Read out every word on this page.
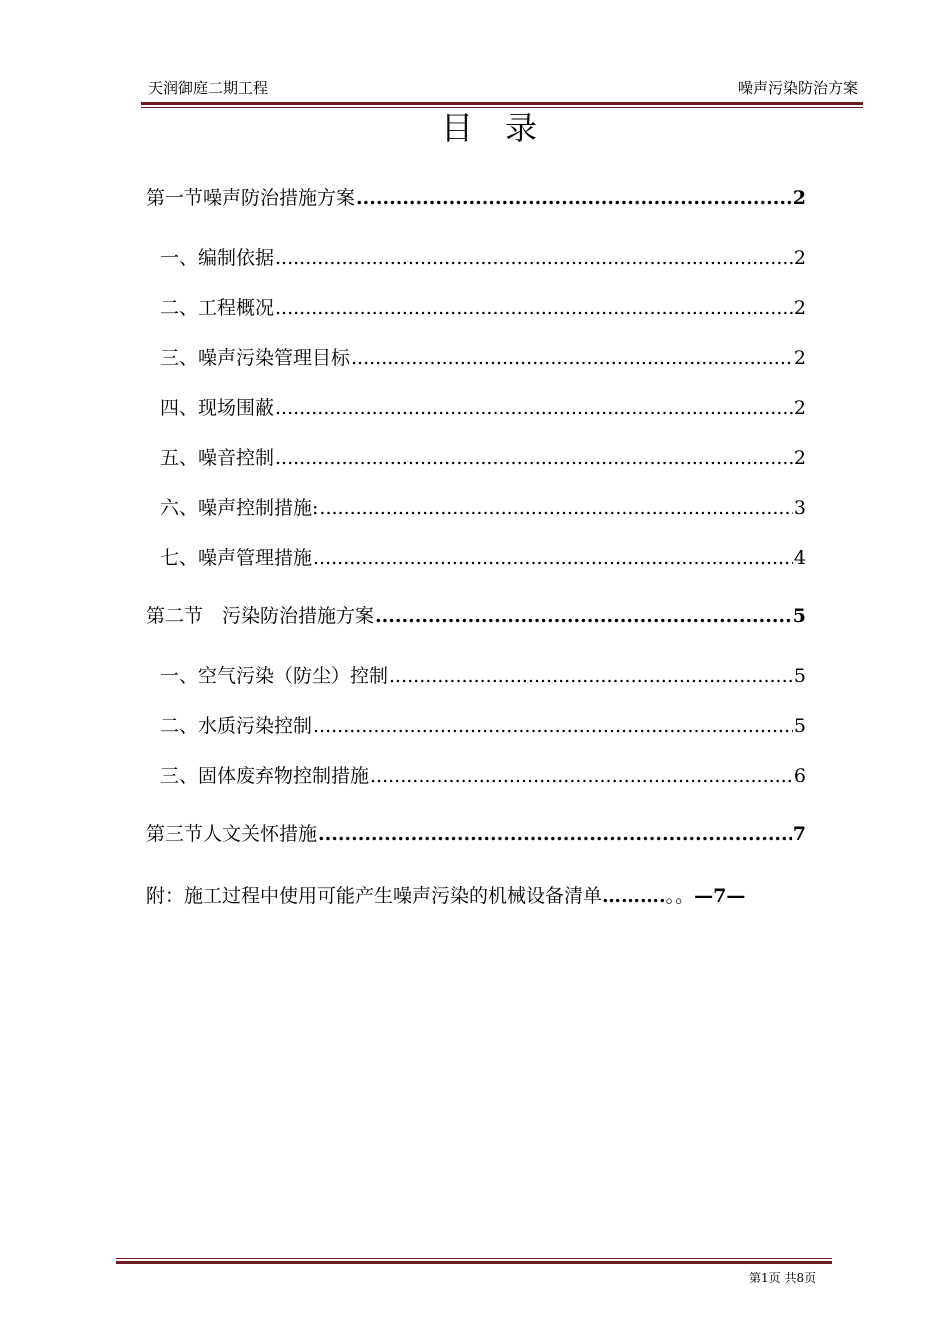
天润御庭二期工程	噪声污染防治方案
目录
第一节噪声防治措施方案 .....	2
一、编制依据 .....	2
二、工程概况 .....	2
三、噪声污染管理目标 .....	2
四、现场围蔽 .....	2
五、噪音控制 .....	2
六、噪声控制措施: .....	3
七、噪声管理措施 .....	4
第二节　污染防治措施方案 .....	5
一、空气污染（防尘）控制 .....	5
二、水质污染控制 .....	5
三、固体废弃物控制措施 .....	6
第三节人文关怀措施 .....	7
附：施工过程中使用可能产生噪声污染的机械设备清单……….。。—7—
第1页 共8页
